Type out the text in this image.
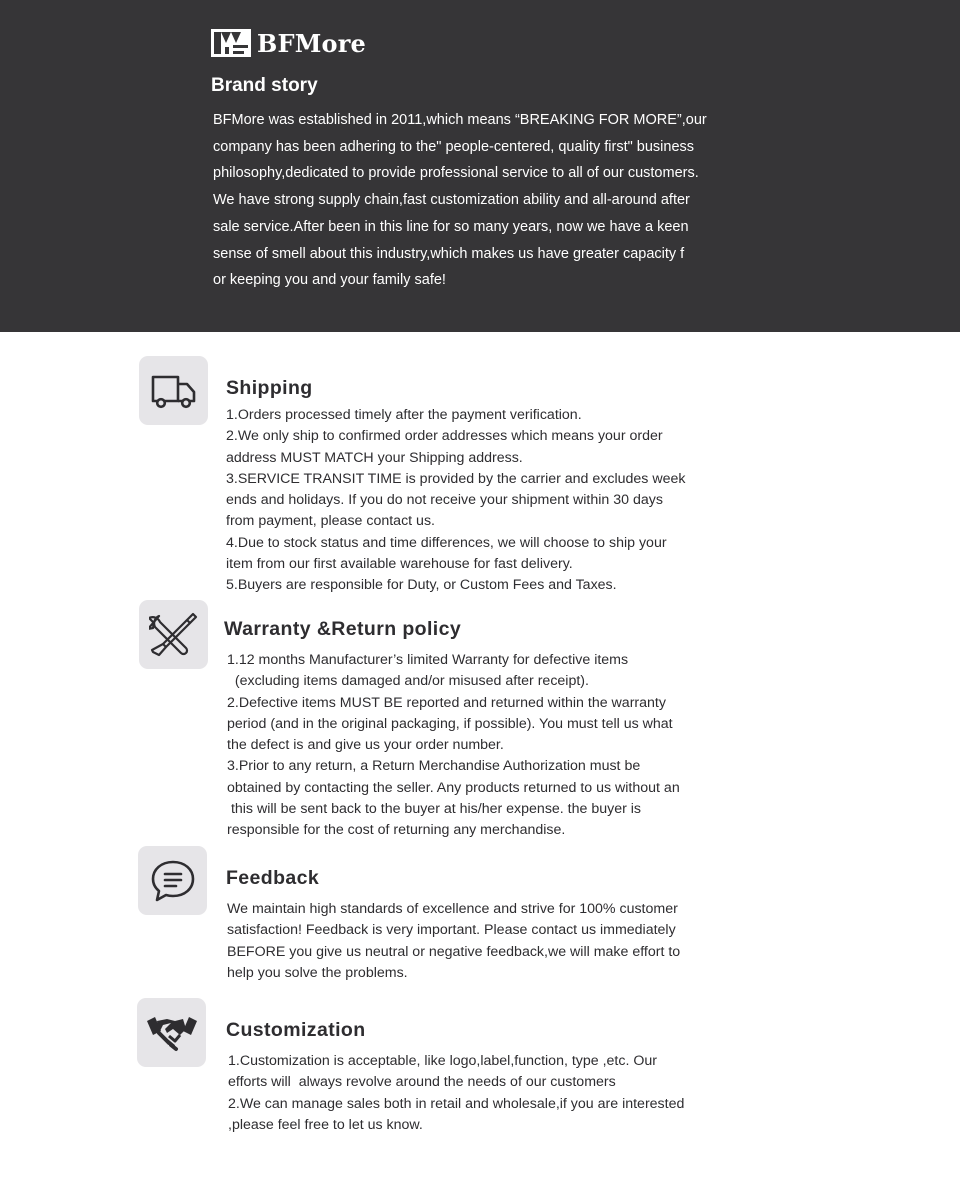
BFMore
Brand story
BFMore was established in 2011,which means “BREAKING FOR MORE”,our
company has been adhering to the" people-centered, quality first" business
philosophy,dedicated to provide professional service to all of our customers.
We have strong supply chain,fast customization ability and all-around after
sale service.After been in this line for so many years, now we have a keen
sense of smell about this industry,which makes us have greater capacity f
or keeping you and your family safe!
Shipping
1.Orders processed timely after the payment verification.
2.We only ship to confirmed order addresses which means your order
address MUST MATCH your Shipping address.
3.SERVICE TRANSIT TIME is provided by the carrier and excludes week
ends and holidays. If you do not receive your shipment within 30 days
from payment, please contact us.
4.Due to stock status and time differences, we will choose to ship your
item from our first available warehouse for fast delivery.
5.Buyers are responsible for Duty, or Custom Fees and Taxes.
Warranty &Return policy
1.12 months Manufacturer’s limited Warranty for defective items
(excluding items damaged and/or misused after receipt).
2.Defective items MUST BE reported and returned within the warranty
period (and in the original packaging, if possible). You must tell us what
the defect is and give us your order number.
3.Prior to any return, a Return Merchandise Authorization must be
obtained by contacting the seller. Any products returned to us without an
this will be sent back to the buyer at his/her expense. the buyer is
responsible for the cost of returning any merchandise.
Feedback
We maintain high standards of excellence and strive for 100% customer
satisfaction! Feedback is very important. Please contact us immediately
BEFORE you give us neutral or negative feedback,we will make effort to
help you solve the problems.
Customization
1.Customization is acceptable, like logo,label,function, type ,etc. Our
efforts will  always revolve around the needs of our customers
2.We can manage sales both in retail and wholesale,if you are interested
,please feel free to let us know.
